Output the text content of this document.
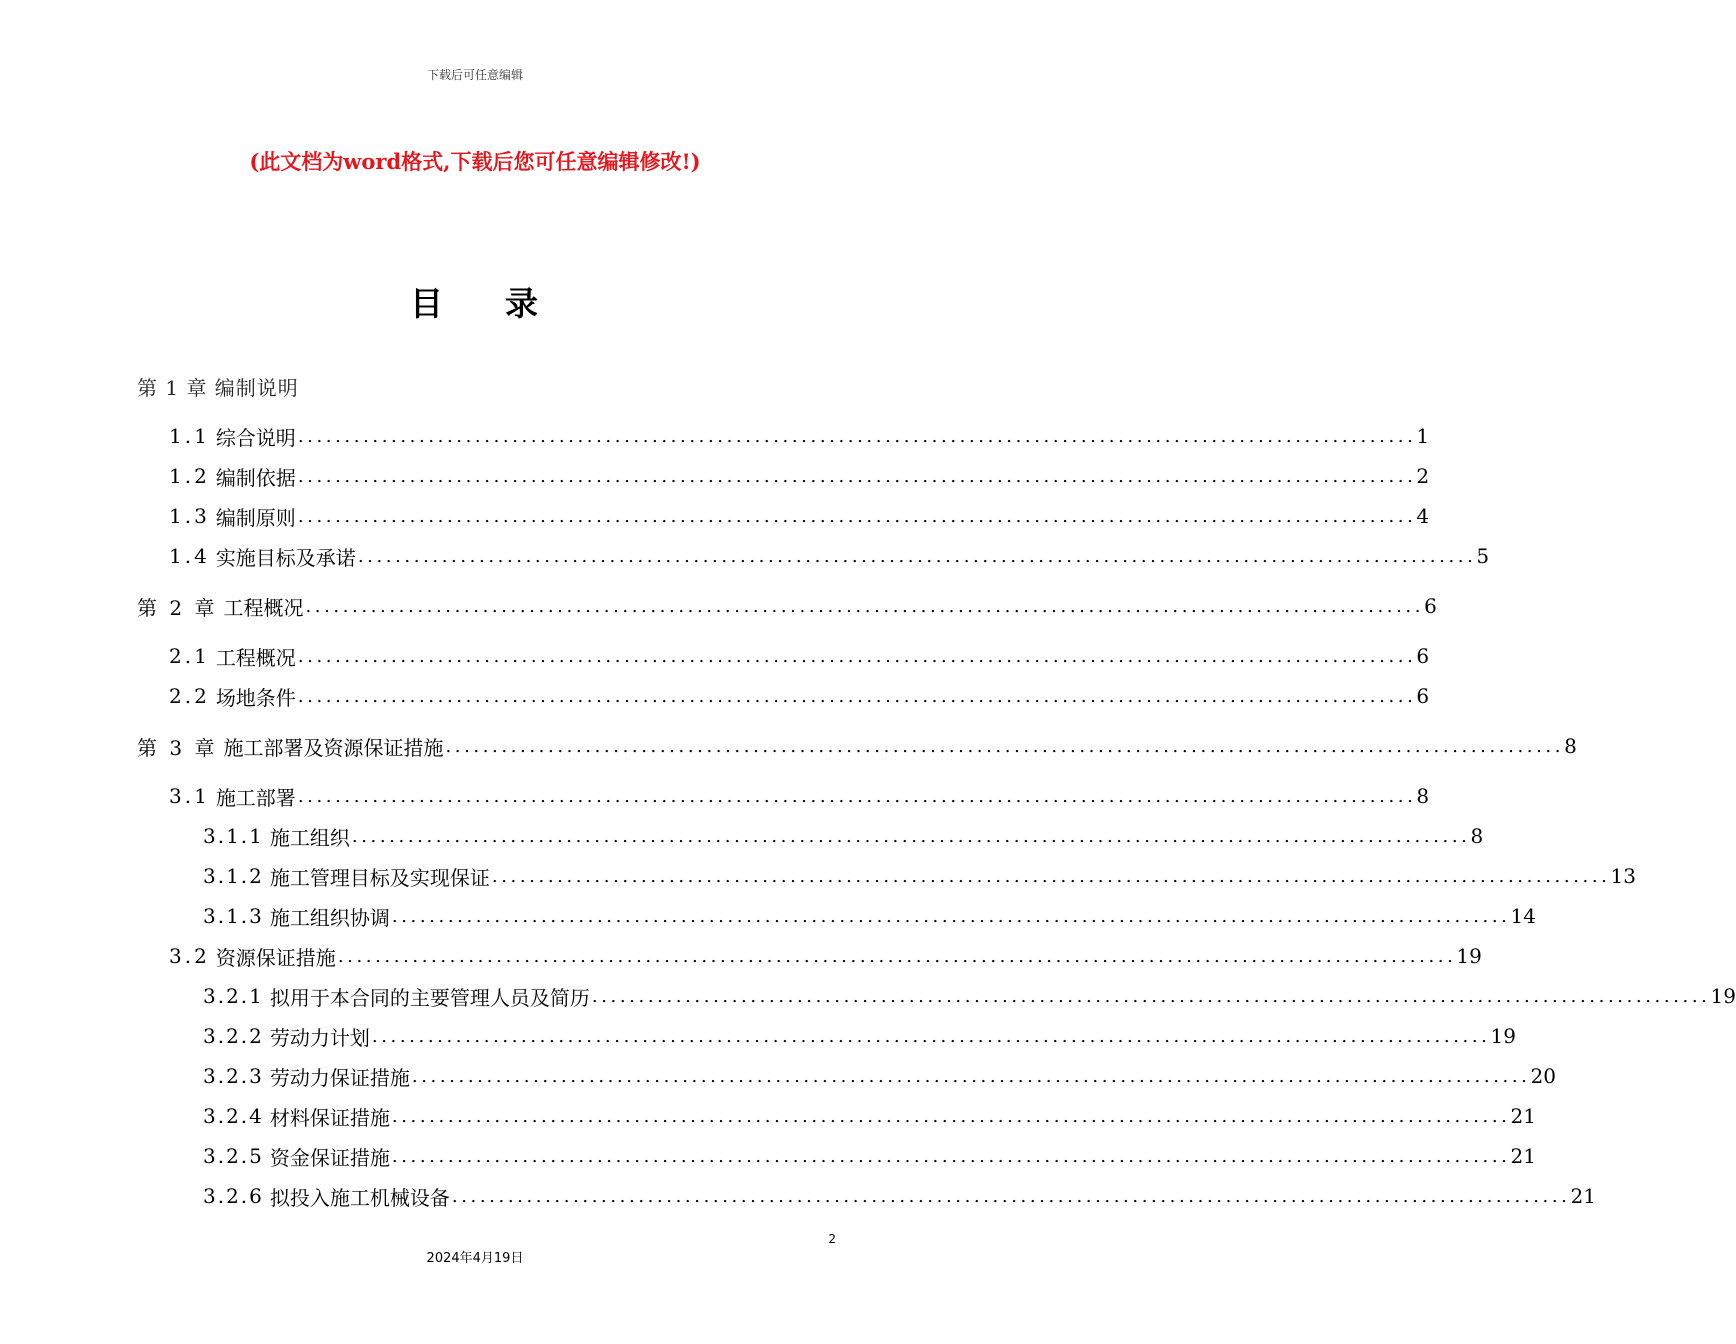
下载后可任意编辑
(此文档为word格式,下载后您可任意编辑修改!)
目 录
第 1 章 编制说明
1.1 综合说明 ........................................................................................................................ 1
1.2 编制依据 ........................................................................................................................ 2
1.3 编制原则 ........................................................................................................................ 4
1.4 实施目标及承诺 ........................................................................................................................ 5
第 2 章 工程概况 ........................................................................................................................ 6
2.1 工程概况 ........................................................................................................................ 6
2.2 场地条件 ........................................................................................................................ 6
第 3 章 施工部署及资源保证措施 ........................................................................................................................ 8
3.1 施工部署 ........................................................................................................................ 8
3.1.1 施工组织 ........................................................................................................................ 8
3.1.2 施工管理目标及实现保证 ........................................................................................................................ 13
3.1.3 施工组织协调 ........................................................................................................................ 14
3.2 资源保证措施 ........................................................................................................................ 19
3.2.1 拟用于本合同的主要管理人员及简历 ........................................................................................................................ 19
3.2.2 劳动力计划 ........................................................................................................................ 19
3.2.3 劳动力保证措施 ........................................................................................................................ 20
3.2.4 材料保证措施 ........................................................................................................................ 21
3.2.5 资金保证措施 ........................................................................................................................ 21
3.2.6 拟投入施工机械设备 ........................................................................................................................ 21
2
2024年4月19日
